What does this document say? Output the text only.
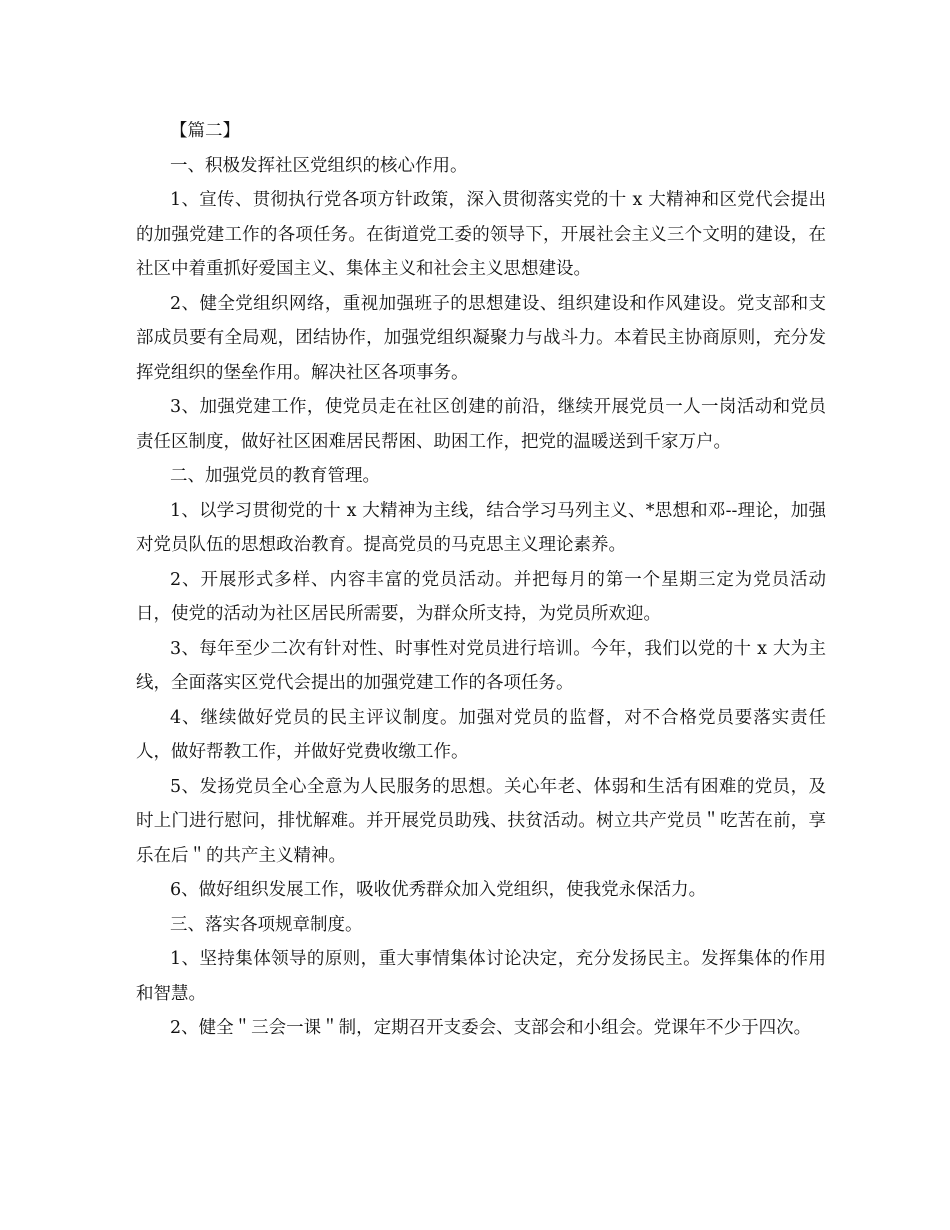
【篇二】

一、积极发挥社区党组织的核心作用。

1、宣传、贯彻执行党各项方针政策，深入贯彻落实党的十 x 大精神和区党代会提出的加强党建工作的各项任务。在街道党工委的领导下，开展社会主义三个文明的建设，在社区中着重抓好爱国主义、集体主义和社会主义思想建设。

2、健全党组织网络，重视加强班子的思想建设、组织建设和作风建设。党支部和支部成员要有全局观，团结协作，加强党组织凝聚力与战斗力。本着民主协商原则，充分发挥党组织的堡垒作用。解决社区各项事务。

3、加强党建工作，使党员走在社区创建的前沿，继续开展党员一人一岗活动和党员责任区制度，做好社区困难居民帮困、助困工作，把党的温暖送到千家万户。

二、加强党员的教育管理。

1、以学习贯彻党的十 x 大精神为主线，结合学习马列主义、*思想和邓--理论，加强对党员队伍的思想政治教育。提高党员的马克思主义理论素养。

2、开展形式多样、内容丰富的党员活动。并把每月的第一个星期三定为党员活动日，使党的活动为社区居民所需要，为群众所支持，为党员所欢迎。

3、每年至少二次有针对性、时事性对党员进行培训。今年，我们以党的十 x 大为主线，全面落实区党代会提出的加强党建工作的各项任务。

4、继续做好党员的民主评议制度。加强对党员的监督，对不合格党员要落实责任人，做好帮教工作，并做好党费收缴工作。

5、发扬党员全心全意为人民服务的思想。关心年老、体弱和生活有困难的党员，及时上门进行慰问，排忧解难。并开展党员助残、扶贫活动。树立共产党员＂吃苦在前，享乐在后＂的共产主义精神。

6、做好组织发展工作，吸收优秀群众加入党组织，使我党永保活力。

三、落实各项规章制度。

1、坚持集体领导的原则，重大事情集体讨论决定，充分发扬民主。发挥集体的作用和智慧。

2、健全＂三会一课＂制，定期召开支委会、支部会和小组会。党课年不少于四次。
